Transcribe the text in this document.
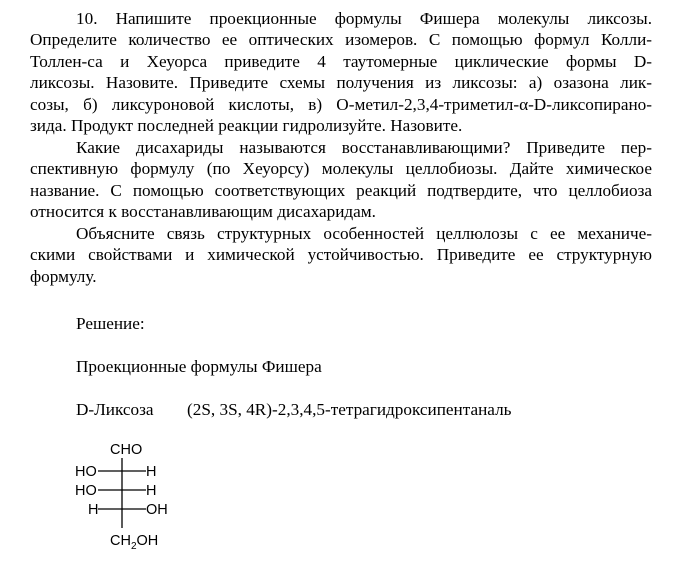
10. Напишите проекционные формулы Фишера молекулы ликсозы.
Определите количество ее оптических изомеров. С помощью формул Колли-
Толлен-са и Хеуорса приведите 4 таутомерные циклические формы D-
ликсозы. Назовите. Приведите схемы получения из ликсозы: а) озазона лик-
созы, б) ликсуроновой кислоты, в) О-метил-2,3,4-триметил-α-D-ликсопирано-
зида. Продукт последней реакции гидролизуйте. Назовите.
Какие дисахариды называются восстанавливающими? Приведите пер-
спективную формулу (по Хеуорсу) молекулы целлобиозы. Дайте химическое
название. С помощью соответствующих реакций подтвердите, что целлобиоза
относится к восстанавливающим дисахаридам.
Объясните связь структурных особенностей целлюлозы с ее механиче-
скими свойствами и химической устойчивостью. Приведите ее структурную
формулу.

Решение:

Проекционные формулы Фишера

D-Ликсоза (2S, 3S, 4R)-2,3,4,5-тетрагидроксипентаналь

CHO
HO	H
HO	H
H	OH
$CH_2OH$
